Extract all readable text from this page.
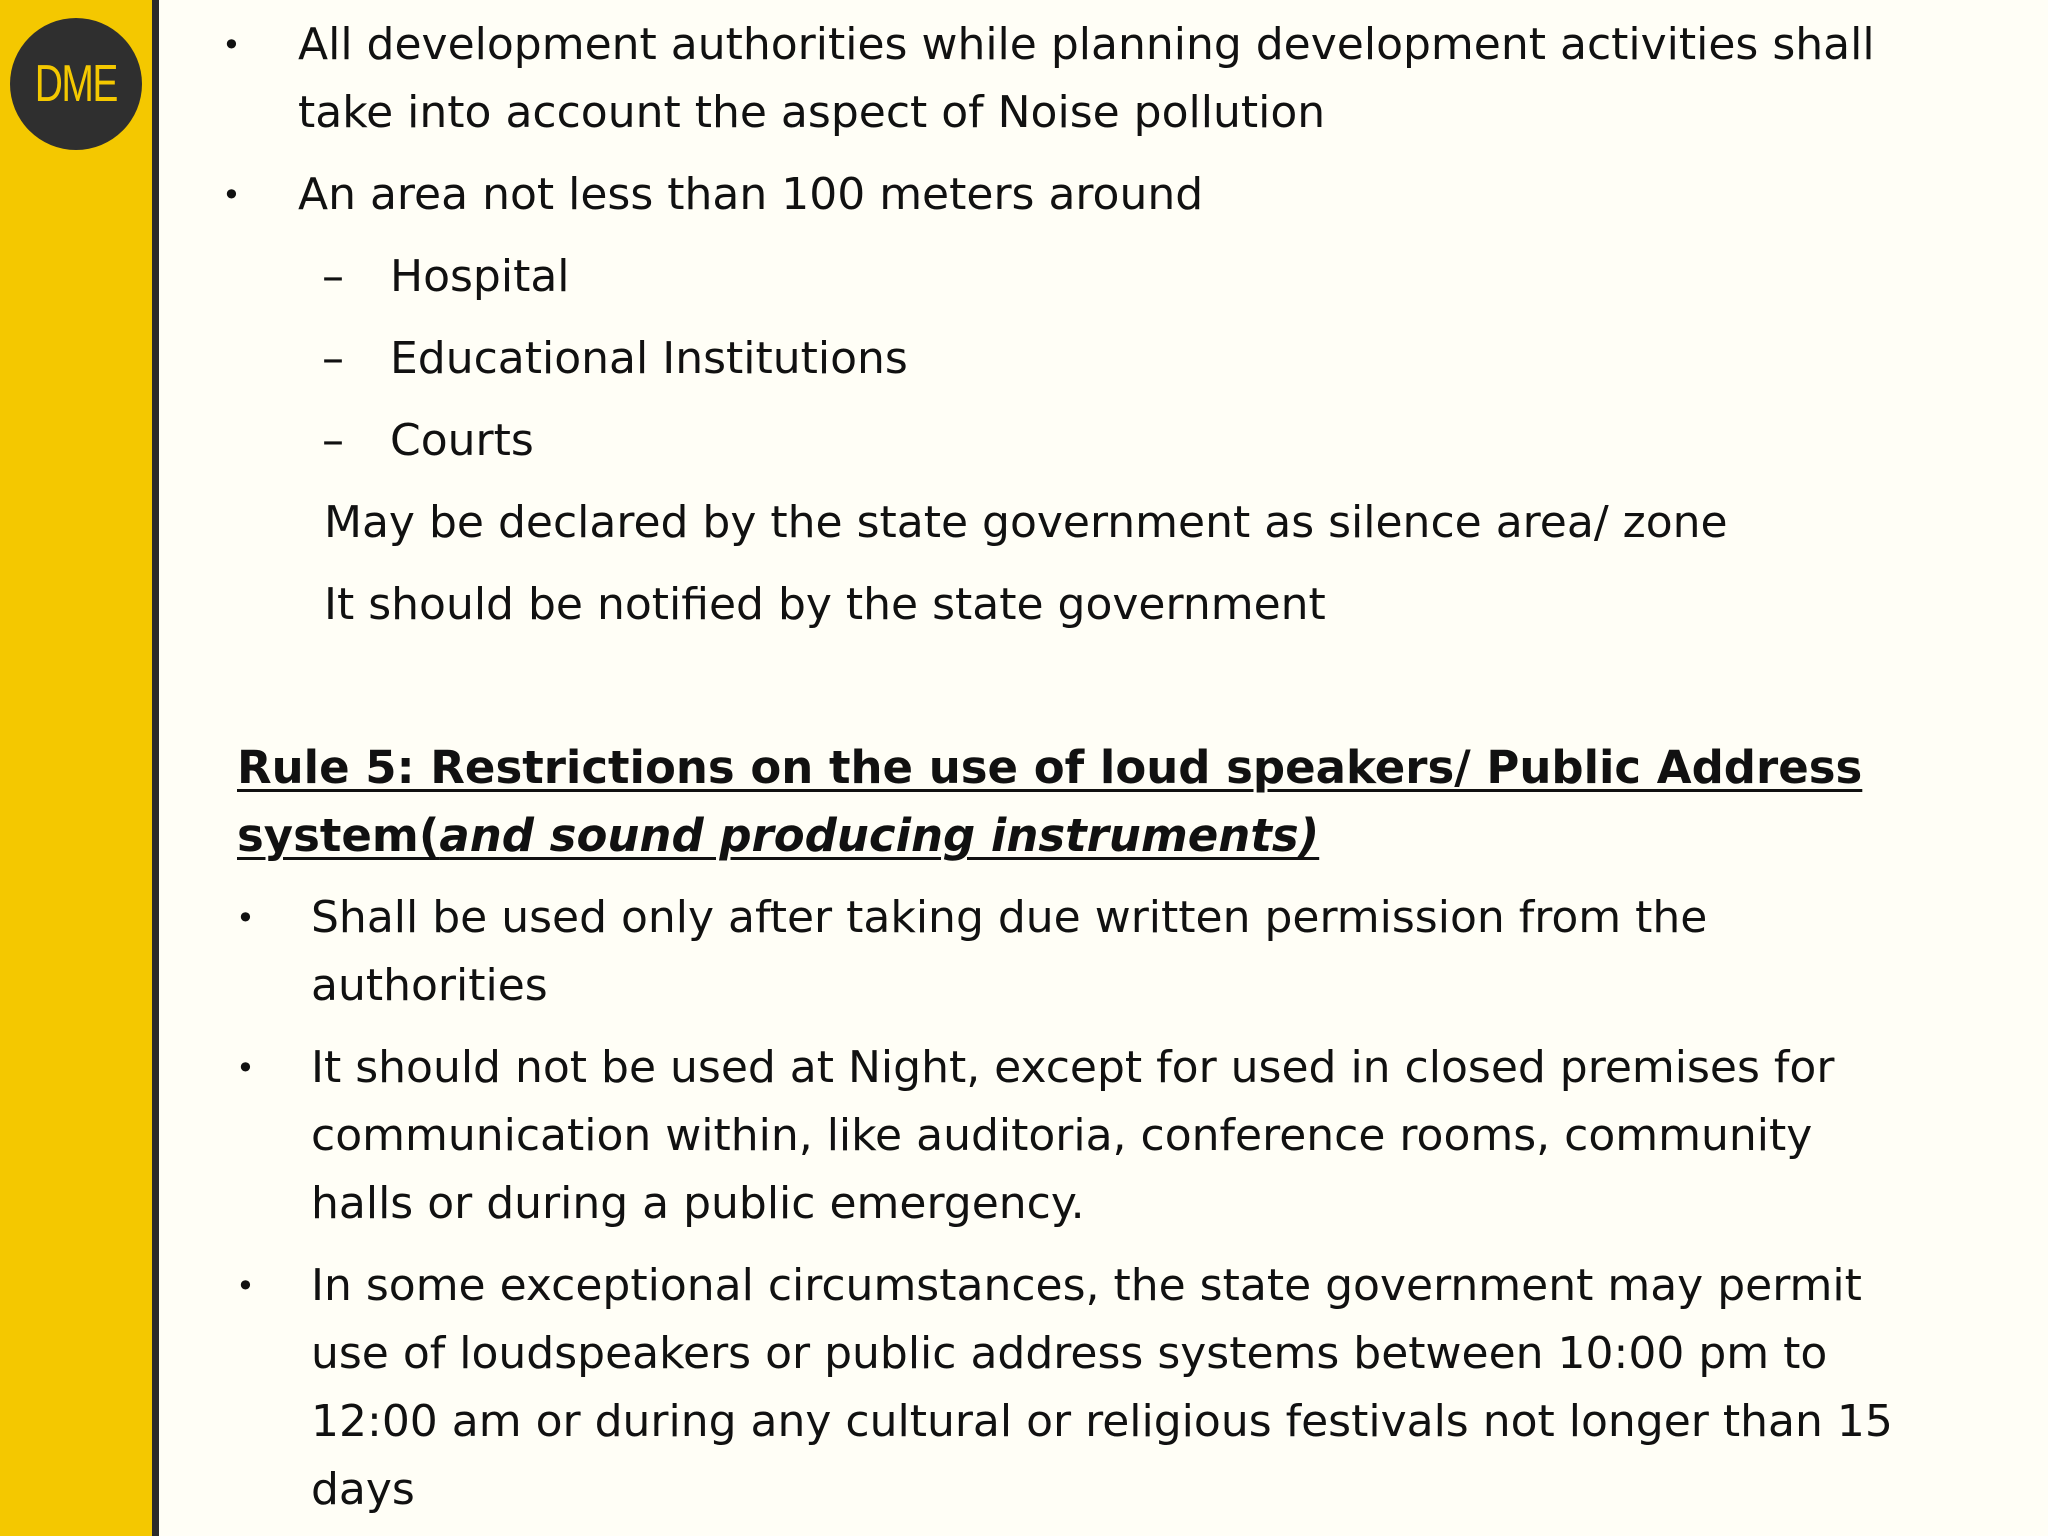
DME
• All development authorities while planning development activities shall
take into account the aspect of Noise pollution
• An area not less than 100 meters around
– Hospital
– Educational Institutions
– Courts
May be declared by the state government as silence area/ zone
It should be notified by the state government
Rule 5: Restrictions on the use of loud speakers/ Public Address
system(and sound producing instruments)
• Shall be used only after taking due written permission from the
authorities
• It should not be used at Night, except for used in closed premises for
communication within, like auditoria, conference rooms, community
halls or during a public emergency.
• In some exceptional circumstances, the state government may permit
use of loudspeakers or public address systems between 10:00 pm to
12:00 am or during any cultural or religious festivals not longer than 15
days
